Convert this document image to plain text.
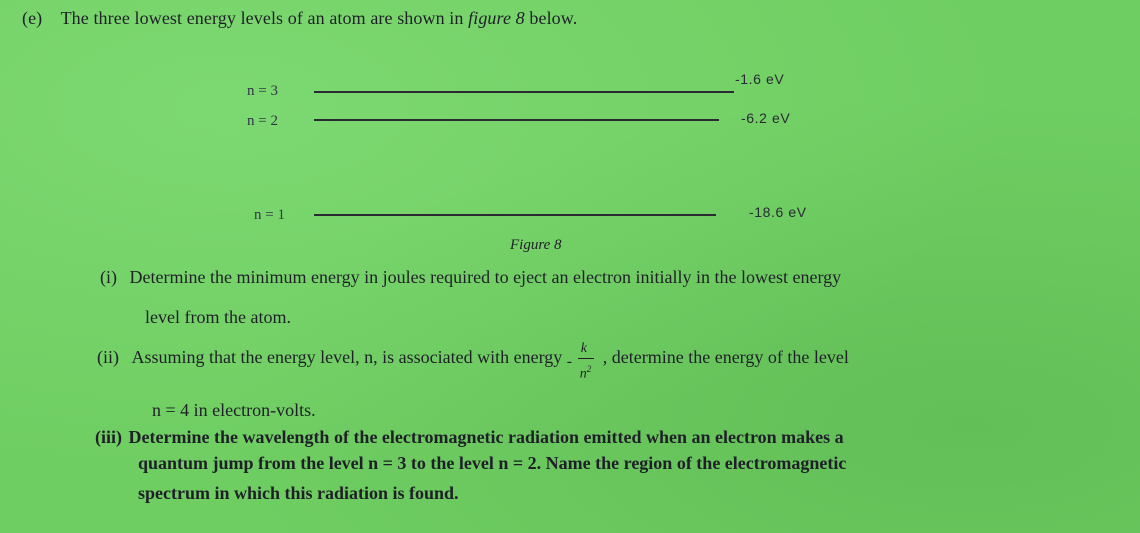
(e) The three lowest energy levels of an atom are shown in figure 8 below.
n = 3
-1.6 eV
n = 2	-6.2 eV
n = 1	-18.6 eV
Figure 8
(i) Determine the minimum energy in joules required to eject an electron initially in the lowest energy
level from the atom.
(ii) Assuming that the energy level, n, is associated with energy -
k
$n^2$
, determine the energy of the level
n = 4 in electron-volts.
(iii) Determine the wavelength of the electromagnetic radiation emitted when an electron makes a
quantum jump from the level n = 3 to the level n = 2. Name the region of the electromagnetic
spectrum in which this radiation is found.
